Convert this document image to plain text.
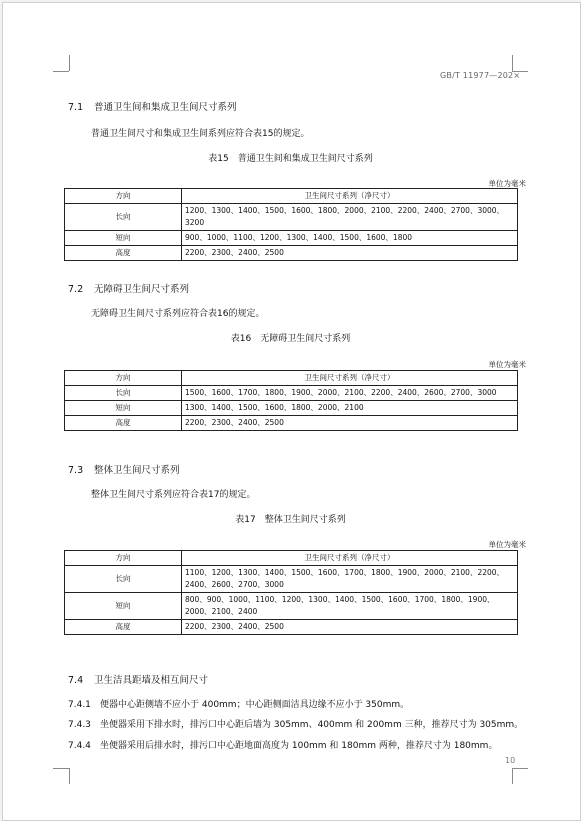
GB/T 11977—202×
7.1 普通卫生间和集成卫生间尺寸系列
普通卫生间尺寸和集成卫生间系列应符合表15的规定。
表15　普通卫生间和集成卫生间尺寸系列
单位为毫米
方向	卫生间尺寸系列（净尺寸）
长向	1200、1300、1400、1500、1600、1800、2000、2100、2200、2400、2700、3000、3200
短向	900、1000、1100、1200、1300、1400、1500、1600、1800
高度	2200、2300、2400、2500
7.2 无障碍卫生间尺寸系列
无障碍卫生间尺寸系列应符合表16的规定。
表16　无障碍卫生间尺寸系列
单位为毫米
方向	卫生间尺寸系列（净尺寸）
长向	1500、1600、1700、1800、1900、2000、2100、2200、2400、2600、2700、3000
短向	1300、1400、1500、1600、1800、2000、2100
高度	2200、2300、2400、2500
7.3 整体卫生间尺寸系列
整体卫生间尺寸系列应符合表17的规定。
表17　整体卫生间尺寸系列
单位为毫米
方向	卫生间尺寸系列（净尺寸）
长向	1100、1200、1300、1400、1500、1600、1700、1800、1900、2000、2100、2200、2400、2600、2700、3000
短向	800、900、1000、1100、1200、1300、1400、1500、1600、1700、1800、1900、2000、2100、2400
高度	2200、2300、2400、2500
7.4 卫生洁具距墙及相互间尺寸
7.4.1 便器中心距侧墙不应小于 400mm；中心距侧面洁具边缘不应小于 350mm。
7.4.3 坐便器采用下排水时，排污口中心距后墙为 305mm、400mm 和 200mm 三种，推荐尺寸为 305mm。
7.4.4 坐便器采用后排水时，排污口中心距地面高度为 100mm 和 180mm 两种，推荐尺寸为 180mm。
10
